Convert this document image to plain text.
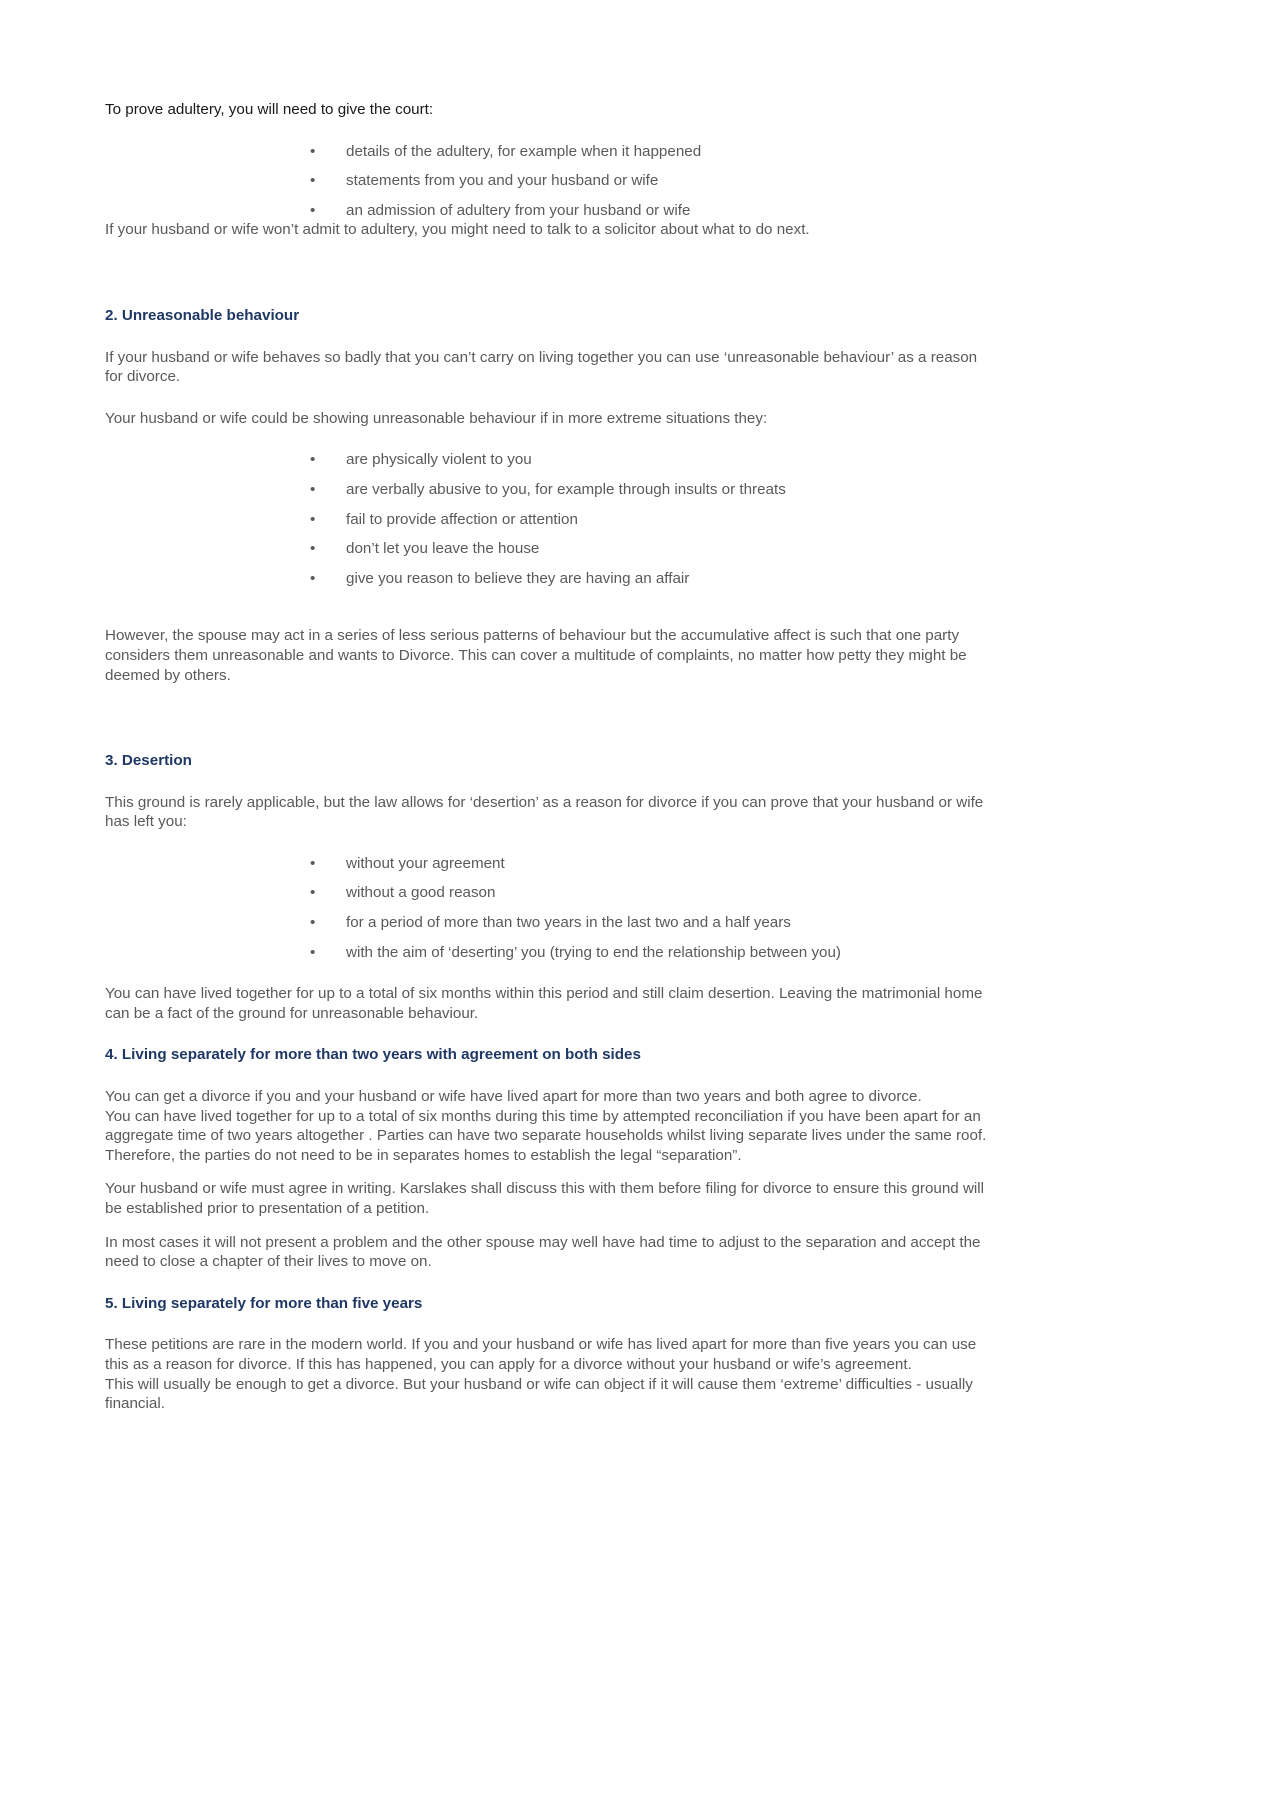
To prove adultery, you will need to give the court:

• details of the adultery, for example when it happened
• statements from you and your husband or wife
• an admission of adultery from your husband or wife

If your husband or wife won’t admit to adultery, you might need to talk to a solicitor about what to do next.

2. Unreasonable behaviour

If your husband or wife behaves so badly that you can’t carry on living together you can use ‘unreasonable behaviour’ as a reason for divorce.

Your husband or wife could be showing unreasonable behaviour if in more extreme situations they:

• are physically violent to you
• are verbally abusive to you, for example through insults or threats
• fail to provide affection or attention
• don’t let you leave the house
• give you reason to believe they are having an affair

However, the spouse may act in a series of less serious patterns of behaviour but the accumulative affect is such that one party considers them unreasonable and wants to Divorce. This can cover a multitude of complaints, no matter how petty they might be deemed by others.

3. Desertion

This ground is rarely applicable, but the law allows for ‘desertion’ as a reason for divorce if you can prove that your husband or wife has left you:

• without your agreement
• without a good reason
• for a period of more than two years in the last two and a half years
• with the aim of ‘deserting’ you (trying to end the relationship between you)

You can have lived together for up to a total of six months within this period and still claim desertion. Leaving the matrimonial home can be a fact of the ground for unreasonable behaviour.

4. Living separately for more than two years with agreement on both sides

You can get a divorce if you and your husband or wife have lived apart for more than two years and both agree to divorce.

You can have lived together for up to a total of six months during this time by attempted reconciliation if you have been apart for an aggregate time of two years altogether . Parties can have two separate households whilst living separate lives under the same roof. Therefore, the parties do not need to be in separates homes to establish the legal “separation”.

Your husband or wife must agree in writing. Karslakes shall discuss this with them before filing for divorce to ensure this ground will be established prior to presentation of a petition.

In most cases it will not present a problem and the other spouse may well have had time to adjust to the separation and accept the need to close a chapter of their lives to move on.

5. Living separately for more than five years

These petitions are rare in the modern world. If you and your husband or wife has lived apart for more than five years you can use this as a reason for divorce. If this has happened, you can apply for a divorce without your husband or wife’s agreement.

This will usually be enough to get a divorce. But your husband or wife can object if it will cause them ‘extreme’ difficulties - usually financial.
